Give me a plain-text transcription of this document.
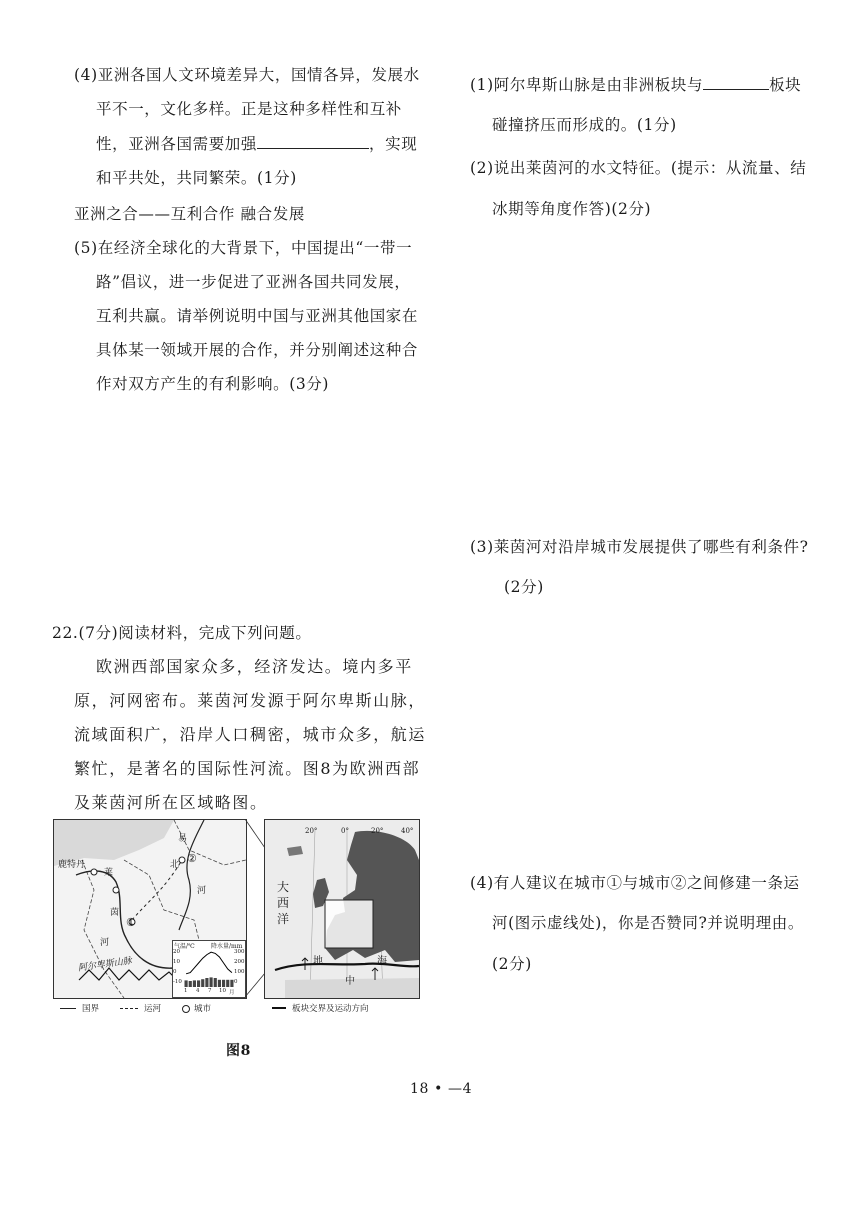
(4)亚洲各国人文环境差异大，国情各异，发展水
平不一，文化多样。正是这种多样性和互补
性，亚洲各国需要加强	，实现
和平共处，共同繁荣。(1分)
亚洲之合——互利合作 融合发展
(5)在经济全球化的大背景下，中国提出“一带一
路”倡议，进一步促进了亚洲各国共同发展，
互利共赢。请举例说明中国与亚洲其他国家在
具体某一领域开展的合作，并分别阐述这种合
作对双方产生的有利影响。(3分)
22.(7分)阅读材料，完成下列问题。
欧洲西部国家众多，经济发达。境内多平
原，河网密布。莱茵河发源于阿尔卑斯山脉，
流域面积广，沿岸人口稠密，城市众多，航运
繁忙，是著名的国际性河流。图8为欧洲西部
及莱茵河所在区域略图。
(1)阿尔卑斯山脉是由非洲板块与	板块
碰撞挤压而形成的。(1分)
(2)说出莱茵河的水文特征。(提示：从流量、结
冰期等角度作答)(2分)
(3)莱茵河对沿岸城市发展提供了哪些有利条件?
(2分)
(4)有人建议在城市①与城市②之间修建一条运
河(图示虚线处)，你是否赞同?并说明理由。
(2分)
鹿特丹
莱
茵
河
易
北
河
①
②
阿尔卑斯山脉
气温/℃	降水量/mm
20
10
0
-10
300
200
100
0
1 4 7 10 月
20°	0°	20°	40°
大
西
洋
地
中
海
国界	运河	城市	板块交界及运动方向
图8
18 • —4
